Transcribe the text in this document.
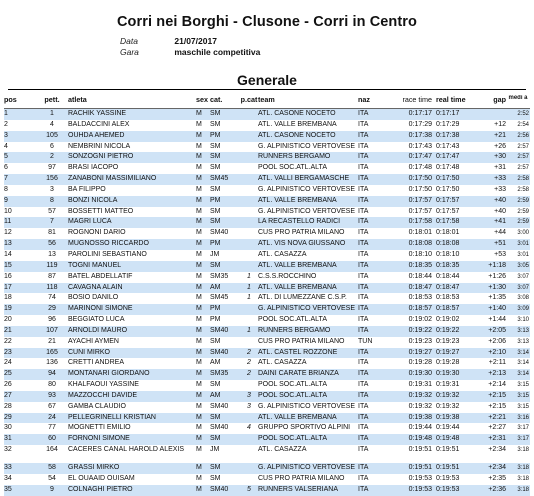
Corri nei Borghi - Clusone - Corri in Centro
Data	21/07/2017
Gara	maschile competitiva
Generale
pos	pett.	atleta	sex cat.	p.cat team	naz	race time real time	gap medi a
1	1	RACHIK YASSINE	M	SM	ATL. CASONE NOCETO	ITA	0:17:17 0:17:17	2:52
2	4	BALDACCINI ALEX	M	SM	ATL. VALLE BREMBANA	ITA	0:17:29 0:17:29	+12	2:54
3	105	OUHDA AHEMED	M	PM	ATL. CASONE NOCETO	ITA	0:17:38 0:17:38	+21	2:56
4	6	NEMBRINI NICOLA	M	SM	G. ALPINISTICO VERTOVESE ITA	0:17:43 0:17:43	+26	2:57
5	2	SONZOGNI PIETRO	M	SM	RUNNERS BERGAMO	ITA	0:17:47 0:17:47	+30	2:57
6	97	BRASI IACOPO	M	SM	POOL SOC.ATL.ALTA	ITA	0:17:48 0:17:48	+31	2:57
7	156	ZANABONI MASSIMILIANO	M	SM45	ATL. VALLI BERGAMASCHE	ITA	0:17:50 0:17:50	+33	2:58
8	3	BA FILIPPO	M	SM	G. ALPINISTICO VERTOVESE ITA	0:17:50 0:17:50	+33	2:58
9	8	BONZI NICOLA	M	PM	ATL. VALLE BREMBANA	ITA	0:17:57 0:17:57	+40	2:59
10	57	BOSSETTI MATTEO	M	SM	G. ALPINISTICO VERTOVESE ITA	0:17:57 0:17:57	+40	2:59
11	7	MAGRI LUCA	M	SM	LA RECASTELLO RADICI	ITA	0:17:58 0:17:58	+41	2:59
12	81	ROGNONI DARIO	M	SM40	CUS PRO PATRIA MILANO	ITA	0:18:01 0:18:01	+44	3:00
13	56	MUGNOSSO RICCARDO	M	PM	ATL. VIS NOVA GIUSSANO	ITA	0:18:08 0:18:08	+51	3:01
14	13	PAROLINI SEBASTIANO	M	JM	ATL. CASAZZA	ITA	0:18:10 0:18:10	+53	3:01
15	119	TOGNI MANUEL	M	SM	ATL. VALLE BREMBANA	ITA	0:18:35 0:18:35	+1:18	3:05
16	87	BATEL ABDELLATIF	M	SM35	1	C.S.S.ROCCHINO	ITA	0:18:44 0:18:44	+1:26	3:07
17	118	CAVAGNA ALAIN	M	AM	1	ATL. VALLE BREMBANA	ITA	0:18:47 0:18:47	+1:30	3:07
18	74	BOSIO DANILO	M	SM45	1	ATL. DI LUMEZZANE C.S.P.	ITA	0:18:53 0:18:53	+1:35	3:08
19	29	MARINONI SIMONE	M	PM	G. ALPINISTICO VERTOVESE ITA	0:18:57 0:18:57	+1:40	3:09
20	96	BEGGIATO LUCA	M	PM	POOL SOC.ATL.ALTA	ITA	0:19:02 0:19:02	+1:44	3:10
21	107	ARNOLDI MAURO	M	SM40	1	RUNNERS BERGAMO	ITA	0:19:22 0:19:22	+2:05	3:13
22	21	AYACHI AYMEN	M	SM	CUS PRO PATRIA MILANO	TUN	0:19:23 0:19:23	+2:06	3:13
23	165	CUNI MIRKO	M	SM40	2	ATL. CASTEL ROZZONE	ITA	0:19:27 0:19:27	+2:10	3:14
24	136	CRETTI ANDREA	M	AM	2	ATL. CASAZZA	ITA	0:19:28 0:19:28	+2:11	3:14
25	94	MONTANARI GIORDANO	M	SM35	2	DAINI CARATE BRIANZA	ITA	0:19:30 0:19:30	+2:13	3:14
26	80	KHALFAOUI YASSINE	M	SM	POOL SOC.ATL.ALTA	ITA	0:19:31 0:19:31	+2:14	3:15
27	93	MAZZOCCHI DAVIDE	M	AM	3	POOL SOC.ATL.ALTA	ITA	0:19:32 0:19:32	+2:15	3:15
28	67	GAMBA CLAUDIO	M	SM40	3	G. ALPINISTICO VERTOVESE ITA	0:19:32 0:19:32	+2:15	3:15
29	24	PELLEGRINELLI KRISTIAN	M	SM	ATL. VALLE BREMBANA	ITA	0:19:38 0:19:38	+2:21	3:16
30	77	MOGNETTI EMILIO	M	SM40	4	GRUPPO SPORTIVO ALPINI	ITA	0:19:44 0:19:44	+2:27	3:17
31	60	FORNONI SIMONE	M	SM	POOL SOC.ATL.ALTA	ITA	0:19:48 0:19:48	+2:31	3:17
32	164	CACERES CANAL HAROLD ALEXIS	M	JM	ATL. CASAZZA	ITA	0:19:51 0:19:51	+2:34	3:18
33	58	GRASSI MIRKO	M	SM	G. ALPINISTICO VERTOVESE ITA	0:19:51 0:19:51	+2:34	3:18
34	54	EL OUAAID OUISAM	M	SM	CUS PRO PATRIA MILANO	ITA	0:19:53 0:19:53	+2:35	3:18
35	9	COLNAGHI PIETRO	M	SM40	5	RUNNERS VALSERIANA	ITA	0:19:53 0:19:53	+2:36	3:18
